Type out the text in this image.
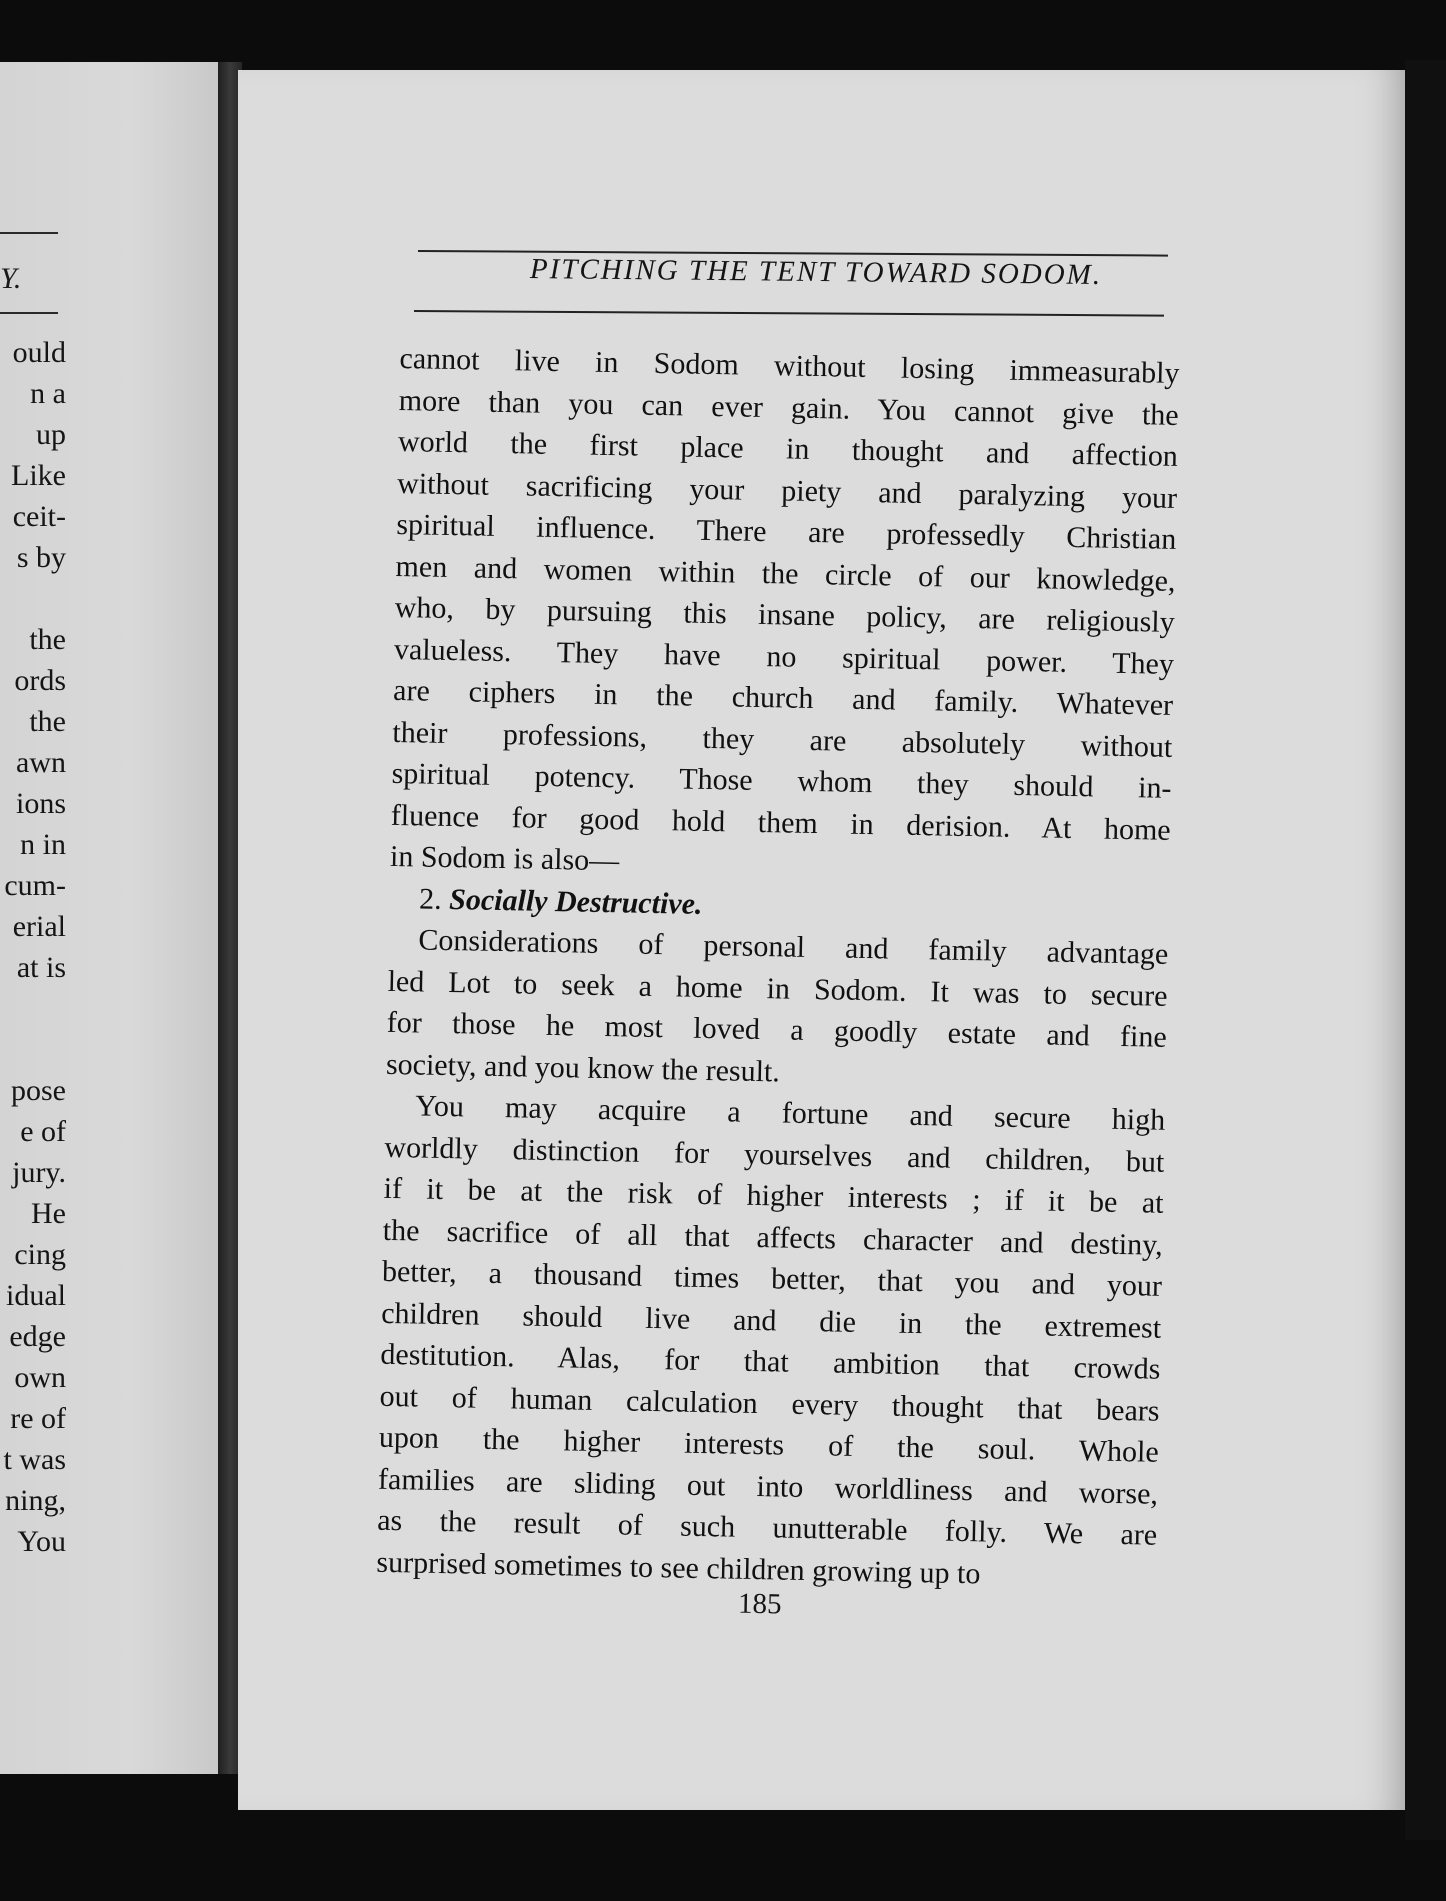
Y.
ould
n a
up
Like
ceit-
s by

the
ords
the
awn
ions
n in
cum-
erial
at is

pose
e of
jury.
He
cing
idual
edge
own
re of
t was
ning,
You
PITCHING THE TENT TOWARD SODOM.

cannot live in Sodom without losing immeasurably

more than you can ever gain. You cannot give the

world the first place in thought and affection

without sacrificing your piety and paralyzing your

spiritual influence. There are professedly Christian

men and women within the circle of our knowledge,

who, by pursuing this insane policy, are religiously

valueless. They have no spiritual power. They

are ciphers in the church and family. Whatever

their professions, they are absolutely without

spiritual potency. Those whom they should in-

fluence for good hold them in derision. At home

in Sodom is also—

2. Socially Destructive.

Considerations of personal and family advantage

led Lot to seek a home in Sodom. It was to secure

for those he most loved a goodly estate and fine

society, and you know the result.

You may acquire a fortune and secure high

worldly distinction for yourselves and children, but

if it be at the risk of higher interests ; if it be at

the sacrifice of all that affects character and destiny,

better, a thousand times better, that you and your

children should live and die in the extremest

destitution. Alas, for that ambition that crowds

out of human calculation every thought that bears

upon the higher interests of the soul. Whole

families are sliding out into worldliness and worse,

as the result of such unutterable folly. We are

surprised sometimes to see children growing up to

185
